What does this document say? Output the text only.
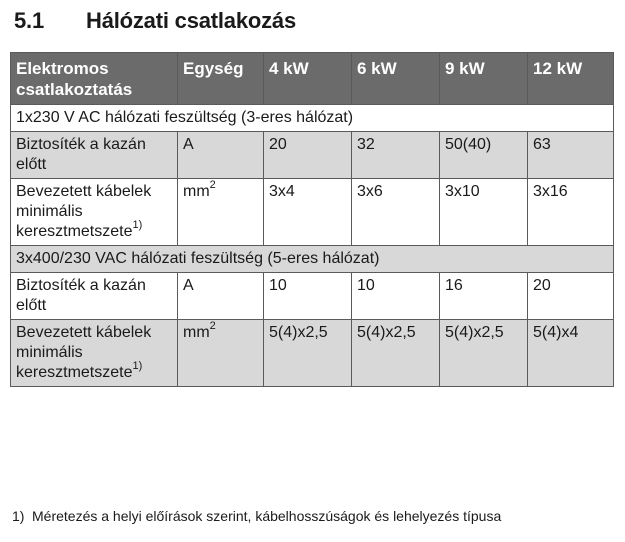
5.1 Hálózati csatlakozás
Elektromos csatlakoztatás	Egység	4 kW	6 kW	9 kW	12 kW
1x230 V AC hálózati feszültség (3-eres hálózat)					
Biztosíték a kazán előtt	A	20	32	50(40)	63
Bevezetett kábelek minimális keresztmetszete$^{1)}$	$mm^2$	3x4	3x6	3x10	3x16
3x400/230 VAC hálózati feszültség (5-eres hálózat)					
Biztosíték a kazán előtt	A	10	10	16	20
Bevezetett kábelek minimális keresztmetszete$^{1)}$	$mm^2$	5(4)x2,5	5(4)x2,5	5(4)x2,5	5(4)x4
1) Méretezés a helyi előírások szerint, kábelhosszúságok és lehelyezés típusa
